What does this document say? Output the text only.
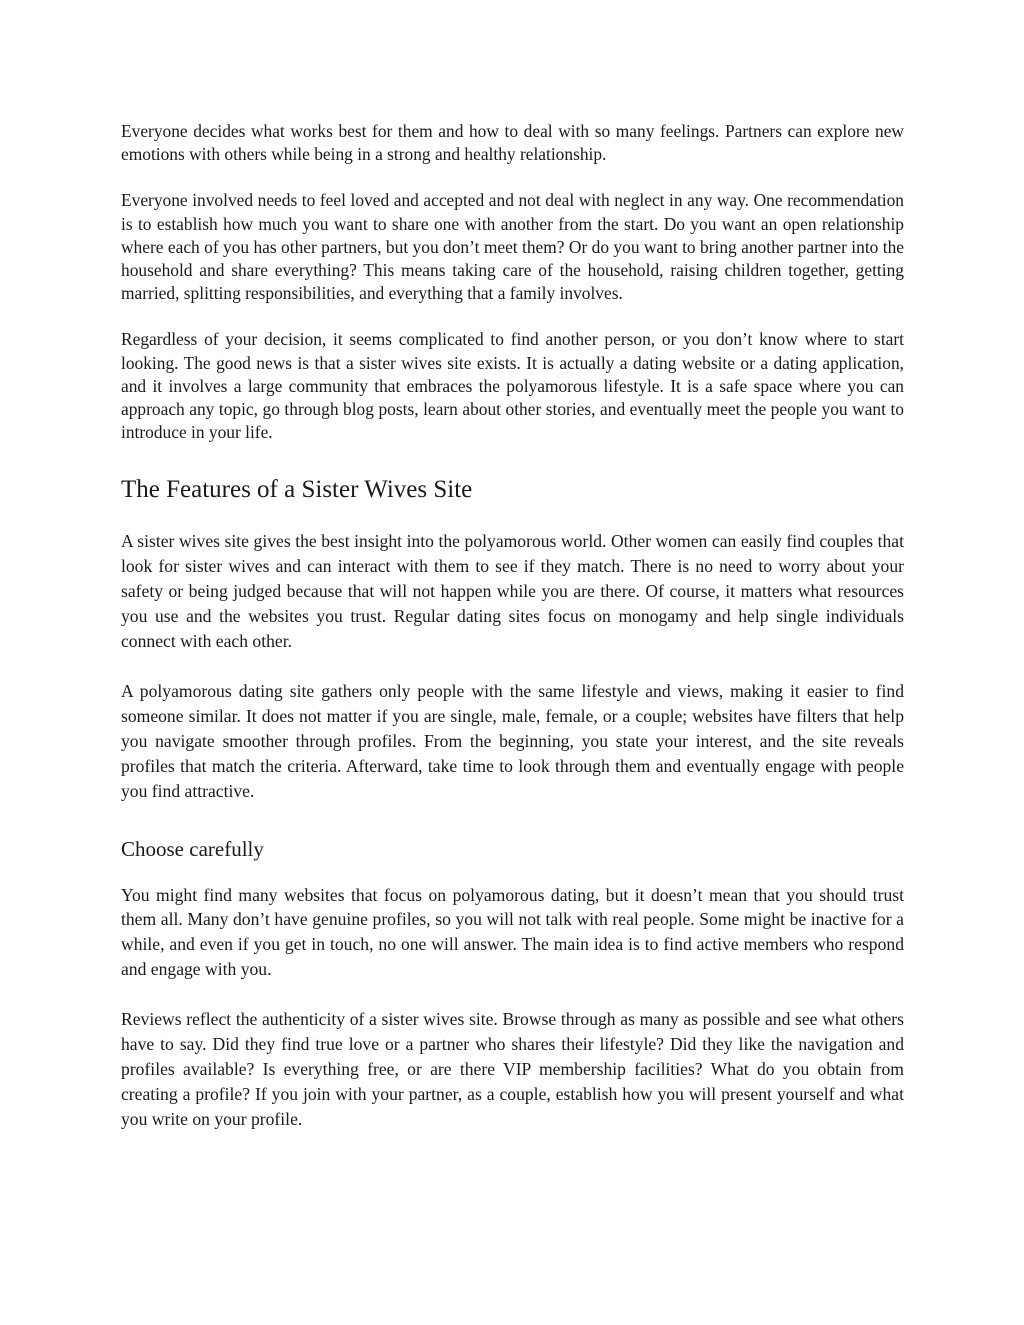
Everyone decides what works best for them and how to deal with so many feelings. Partners can explore new emotions with others while being in a strong and healthy relationship.

Everyone involved needs to feel loved and accepted and not deal with neglect in any way. One recommendation is to establish how much you want to share one with another from the start. Do you want an open relationship where each of you has other partners, but you don’t meet them? Or do you want to bring another partner into the household and share everything? This means taking care of the household, raising children together, getting married, splitting responsibilities, and everything that a family involves.

Regardless of your decision, it seems complicated to find another person, or you don’t know where to start looking. The good news is that a sister wives site exists. It is actually a dating website or a dating application, and it involves a large community that embraces the polyamorous lifestyle. It is a safe space where you can approach any topic, go through blog posts, learn about other stories, and eventually meet the people you want to introduce in your life.

The Features of a Sister Wives Site

A sister wives site gives the best insight into the polyamorous world. Other women can easily find couples that look for sister wives and can interact with them to see if they match. There is no need to worry about your safety or being judged because that will not happen while you are there. Of course, it matters what resources you use and the websites you trust. Regular dating sites focus on monogamy and help single individuals connect with each other.

A polyamorous dating site gathers only people with the same lifestyle and views, making it easier to find someone similar. It does not matter if you are single, male, female, or a couple; websites have filters that help you navigate smoother through profiles. From the beginning, you state your interest, and the site reveals profiles that match the criteria. Afterward, take time to look through them and eventually engage with people you find attractive.

Choose carefully

You might find many websites that focus on polyamorous dating, but it doesn’t mean that you should trust them all. Many don’t have genuine profiles, so you will not talk with real people. Some might be inactive for a while, and even if you get in touch, no one will answer. The main idea is to find active members who respond and engage with you.

Reviews reflect the authenticity of a sister wives site. Browse through as many as possible and see what others have to say. Did they find true love or a partner who shares their lifestyle? Did they like the navigation and profiles available? Is everything free, or are there VIP membership facilities? What do you obtain from creating a profile? If you join with your partner, as a couple, establish how you will present yourself and what you write on your profile.
